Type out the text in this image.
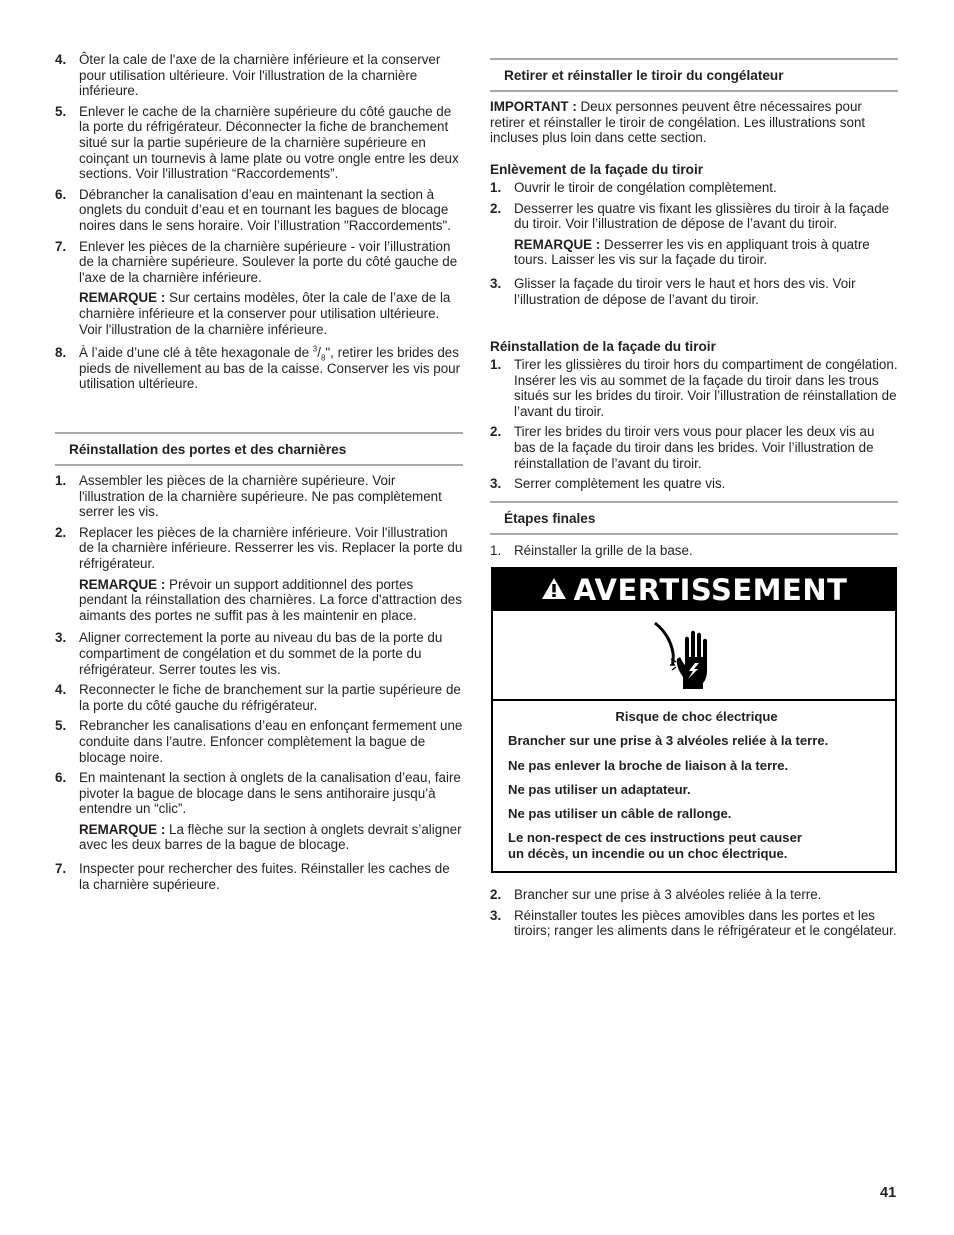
4. Ôter la cale de l'axe de la charnière inférieure et la conserver pour utilisation ultérieure. Voir l'illustration de la charnière inférieure.
5. Enlever le cache de la charnière supérieure du côté gauche de la porte du réfrigérateur. Déconnecter la fiche de branchement situé sur la partie supérieure de la charnière supérieure en coinçant un tournevis à lame plate ou votre ongle entre les deux sections. Voir l'illustration “Raccordements”.
6. Débrancher la canalisation d’eau en maintenant la section à onglets du conduit d’eau et en tournant les bagues de blocage noires dans le sens horaire. Voir l’illustration "Raccordements".
7. Enlever les pièces de la charnière supérieure - voir l’illustration de la charnière supérieure. Soulever la porte du côté gauche de l'axe de la charnière inférieure.
REMARQUE : Sur certains modèles, ôter la cale de l’axe de la charnière inférieure et la conserver pour utilisation ultérieure. Voir l'illustration de la charnière inférieure.
8. À l’aide d’une clé à tête hexagonale de $^3/_8$", retirer les brides des pieds de nivellement au bas de la caisse. Conserver les vis pour utilisation ultérieure.
Réinstallation des portes et des charnières
1. Assembler les pièces de la charnière supérieure. Voir l'illustration de la charnière supérieure. Ne pas complètement serrer les vis.
2. Replacer les pièces de la charnière inférieure. Voir l'illustration de la charnière inférieure. Resserrer les vis. Replacer la porte du réfrigérateur.
REMARQUE : Prévoir un support additionnel des portes pendant la réinstallation des charnières. La force d'attraction des aimants des portes ne suffit pas à les maintenir en place.
3. Aligner correctement la porte au niveau du bas de la porte du compartiment de congélation et du sommet de la porte du réfrigérateur. Serrer toutes les vis.
4. Reconnecter le fiche de branchement sur la partie supérieure de la porte du côté gauche du réfrigérateur.
5. Rebrancher les canalisations d’eau en enfonçant fermement une conduite dans l’autre. Enfoncer complètement la bague de blocage noire.
6. En maintenant la section à onglets de la canalisation d’eau, faire pivoter la bague de blocage dans le sens antihoraire jusqu’à entendre un “clic”.
REMARQUE : La flèche sur la section à onglets devrait s’aligner avec les deux barres de la bague de blocage.
7. Inspecter pour rechercher des fuites. Réinstaller les caches de la charnière supérieure.
Retirer et réinstaller le tiroir du congélateur
IMPORTANT : Deux personnes peuvent être nécessaires pour retirer et réinstaller le tiroir de congélation. Les illustrations sont incluses plus loin dans cette section.
Enlèvement de la façade du tiroir
1. Ouvrir le tiroir de congélation complètement.
2. Desserrer les quatre vis fixant les glissières du tiroir à la façade du tiroir. Voir l’illustration de dépose de l’avant du tiroir.
REMARQUE : Desserrer les vis en appliquant trois à quatre tours. Laisser les vis sur la façade du tiroir.
3. Glisser la façade du tiroir vers le haut et hors des vis. Voir l’illustration de dépose de l’avant du tiroir.
Réinstallation de la façade du tiroir
1. Tirer les glissières du tiroir hors du compartiment de congélation. Insérer les vis au sommet de la façade du tiroir dans les trous situés sur les brides du tiroir. Voir l’illustration de réinstallation de l’avant du tiroir.
2. Tirer les brides du tiroir vers vous pour placer les deux vis au bas de la façade du tiroir dans les brides. Voir l’illustration de réinstallation de l’avant du tiroir.
3. Serrer complètement les quatre vis.
Étapes finales
1. Réinstaller la grille de la base.
2. Brancher sur une prise à 3 alvéoles reliée à la terre.
3. Réinstaller toutes les pièces amovibles dans les portes et les tiroirs; ranger les aliments dans le réfrigérateur et le congélateur.
AVERTISSEMENT

Risque de choc électrique

Brancher sur une prise à 3 alvéoles reliée à la terre.

Ne pas enlever la broche de liaison à la terre.

Ne pas utiliser un adaptateur.

Ne pas utiliser un câble de rallonge.

Le non-respect de ces instructions peut causer
un décès, un incendie ou un choc électrique.

41
